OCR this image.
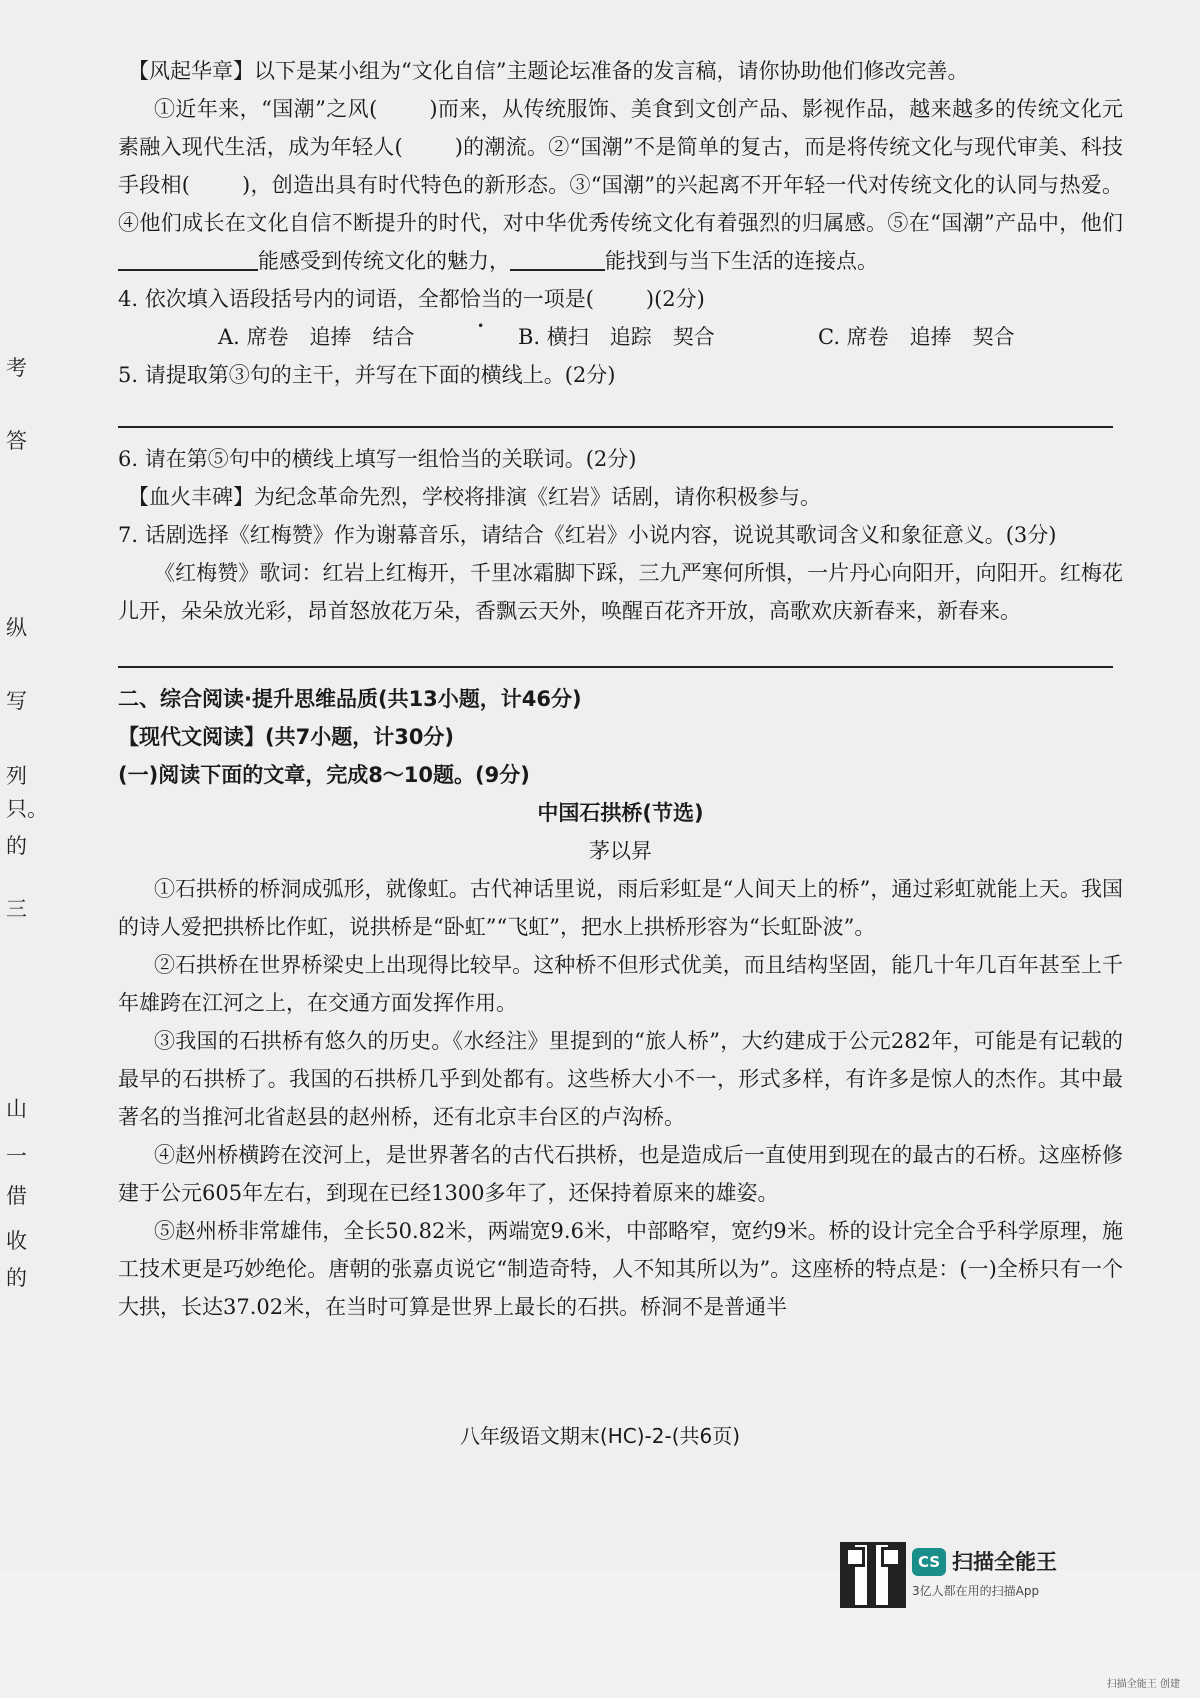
考
答
纵
写
列
只。
的
三
山
一
借
收
的

【风起华章】以下是某小组为“文化自信”主题论坛准备的发言稿，请你协助他们修改完善。

①近年来，“国潮”之风( )而来，从传统服饰、美食到文创产品、影视作品，越来越多的传统文化元素融入现代生活，成为年轻人( )的潮流。②“国潮”不是简单的复古，而是将传统文化与现代审美、科技手段相( )，创造出具有时代特色的新形态。③“国潮”的兴起离不开年轻一代对传统文化的认同与热爱。④他们成长在文化自信不断提升的时代，对中华优秀传统文化有着强烈的归属感。⑤在“国潮”产品中，他们能感受到传统文化的魅力，	能找到与当下生活的连接点。

4. 依次填入语段括号内的词语，全都恰当的一项是( )(2分)

A. 席卷　追捧　结合	B. 横扫　追踪　契合	C. 席卷　追捧　契合

5. 请提取第③句的主干，并写在下面的横线上。(2分)

6. 请在第⑤句中的横线上填写一组恰当的关联词。(2分)

【血火丰碑】为纪念革命先烈，学校将排演《红岩》话剧，请你积极参与。

7. 话剧选择《红梅赞》作为谢幕音乐，请结合《红岩》小说内容，说说其歌词含义和象征意义。(3分)

《红梅赞》歌词：红岩上红梅开，千里冰霜脚下踩，三九严寒何所惧，一片丹心向阳开，向阳开。红梅花儿开，朵朵放光彩，昂首怒放花万朵，香飘云天外，唤醒百花齐开放，高歌欢庆新春来，新春来。

二、综合阅读·提升思维品质(共13小题，计46分)

【现代文阅读】(共7小题，计30分)

(一)阅读下面的文章，完成8～10题。(9分)

中国石拱桥(节选)

茅以昇

①石拱桥的桥洞成弧形，就像虹。古代神话里说，雨后彩虹是“人间天上的桥”，通过彩虹就能上天。我国的诗人爱把拱桥比作虹，说拱桥是“卧虹”“飞虹”，把水上拱桥形容为“长虹卧波”。

②石拱桥在世界桥梁史上出现得比较早。这种桥不但形式优美，而且结构坚固，能几十年几百年甚至上千年雄跨在江河之上，在交通方面发挥作用。

③我国的石拱桥有悠久的历史。《水经注》里提到的“旅人桥”，大约建成于公元282年，可能是有记载的最早的石拱桥了。我国的石拱桥几乎到处都有。这些桥大小不一，形式多样，有许多是惊人的杰作。其中最著名的当推河北省赵县的赵州桥，还有北京丰台区的卢沟桥。

④赵州桥横跨在洨河上，是世界著名的古代石拱桥，也是造成后一直使用到现在的最古的石桥。这座桥修建于公元605年左右，到现在已经1300多年了，还保持着原来的雄姿。

⑤赵州桥非常雄伟，全长50.82米，两端宽9.6米，中部略窄，宽约9米。桥的设计完全合乎科学原理，施工技术更是巧妙绝伦。唐朝的张嘉贞说它“制造奇特，人不知其所以为”。这座桥的特点是：(一)全桥只有一个大拱，长达37.02米，在当时可算是世界上最长的石拱。桥洞不是普通半

八年级语文期末(HC)-2-(共6页)
CS 扫描全能王
3亿人都在用的扫描App
扫描全能王 创建
